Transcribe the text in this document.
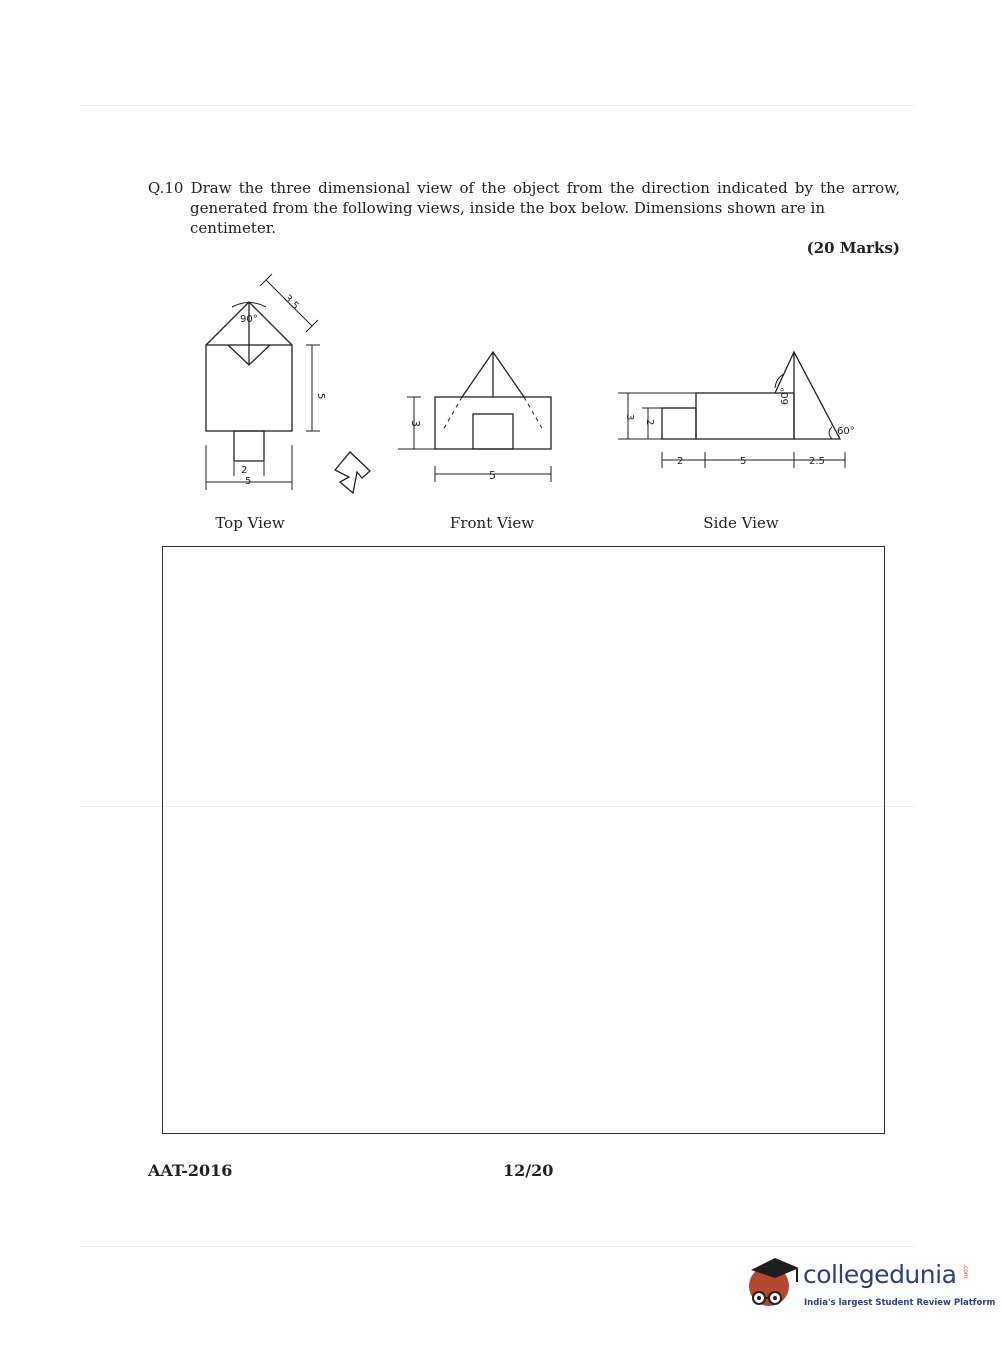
Q.10 Draw the three dimensional view of the object from the direction indicated by the arrow,
generated from the following views, inside the box below. Dimensions shown are in centimeter.
(20 Marks)
90°
3.5
5
2
5
3
5
3
2
2	5	2.5
60°
60°
Top View	Front View	Side View
AAT-2016	12/20
collegedunia .com
India's largest Student Review Platform
